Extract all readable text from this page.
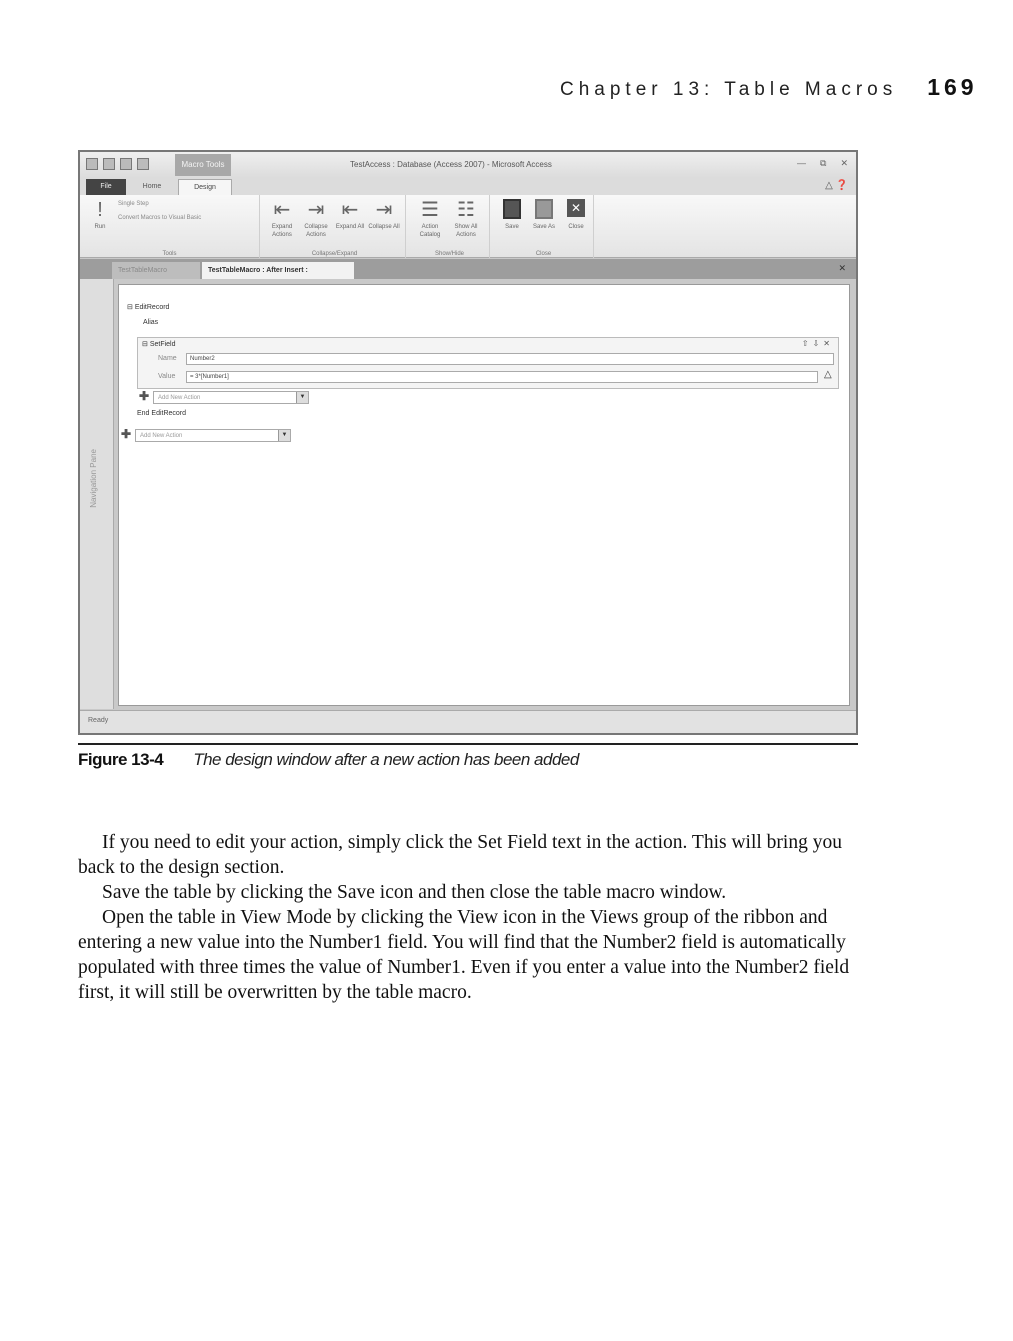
Chapter 13: Table Macros 169
Macro Tools	TestAccess : Database (Access 2007) - Microsoft Access	— ⧉ ✕
File	Home	Design	△ ❓
!
Run
Single Step
Convert Macros to Visual Basic
Tools
⇤
Expand Actions
⇥
Collapse Actions
⇤
Expand All
⇥
Collapse All
Collapse/Expand
☰
Action Catalog
☷
Show All Actions
Show/Hide
Save	Save As
✕
Close
Close
TestTableMacro	TestTableMacro : After Insert :	✕
Navigation Pane
⊟ EditRecord
Alias
⊟ SetField	⇧⇩✕
Name	Number2
Value	= 3*[Number1]	△
✚	Add New Action	▼
End EditRecord
✚	Add New Action	▼
Ready
Figure 13-4 The design window after a new action has been added

If you need to edit your action, simply click the Set Field text in the action. This will bring you back to the design section.

Save the table by clicking the Save icon and then close the table macro window.

Open the table in View Mode by clicking the View icon in the Views group of the ribbon and entering a new value into the Number1 field. You will find that the Number2 field is automatically populated with three times the value of Number1. Even if you enter a value into the Number2 field first, it will still be overwritten by the table macro.
